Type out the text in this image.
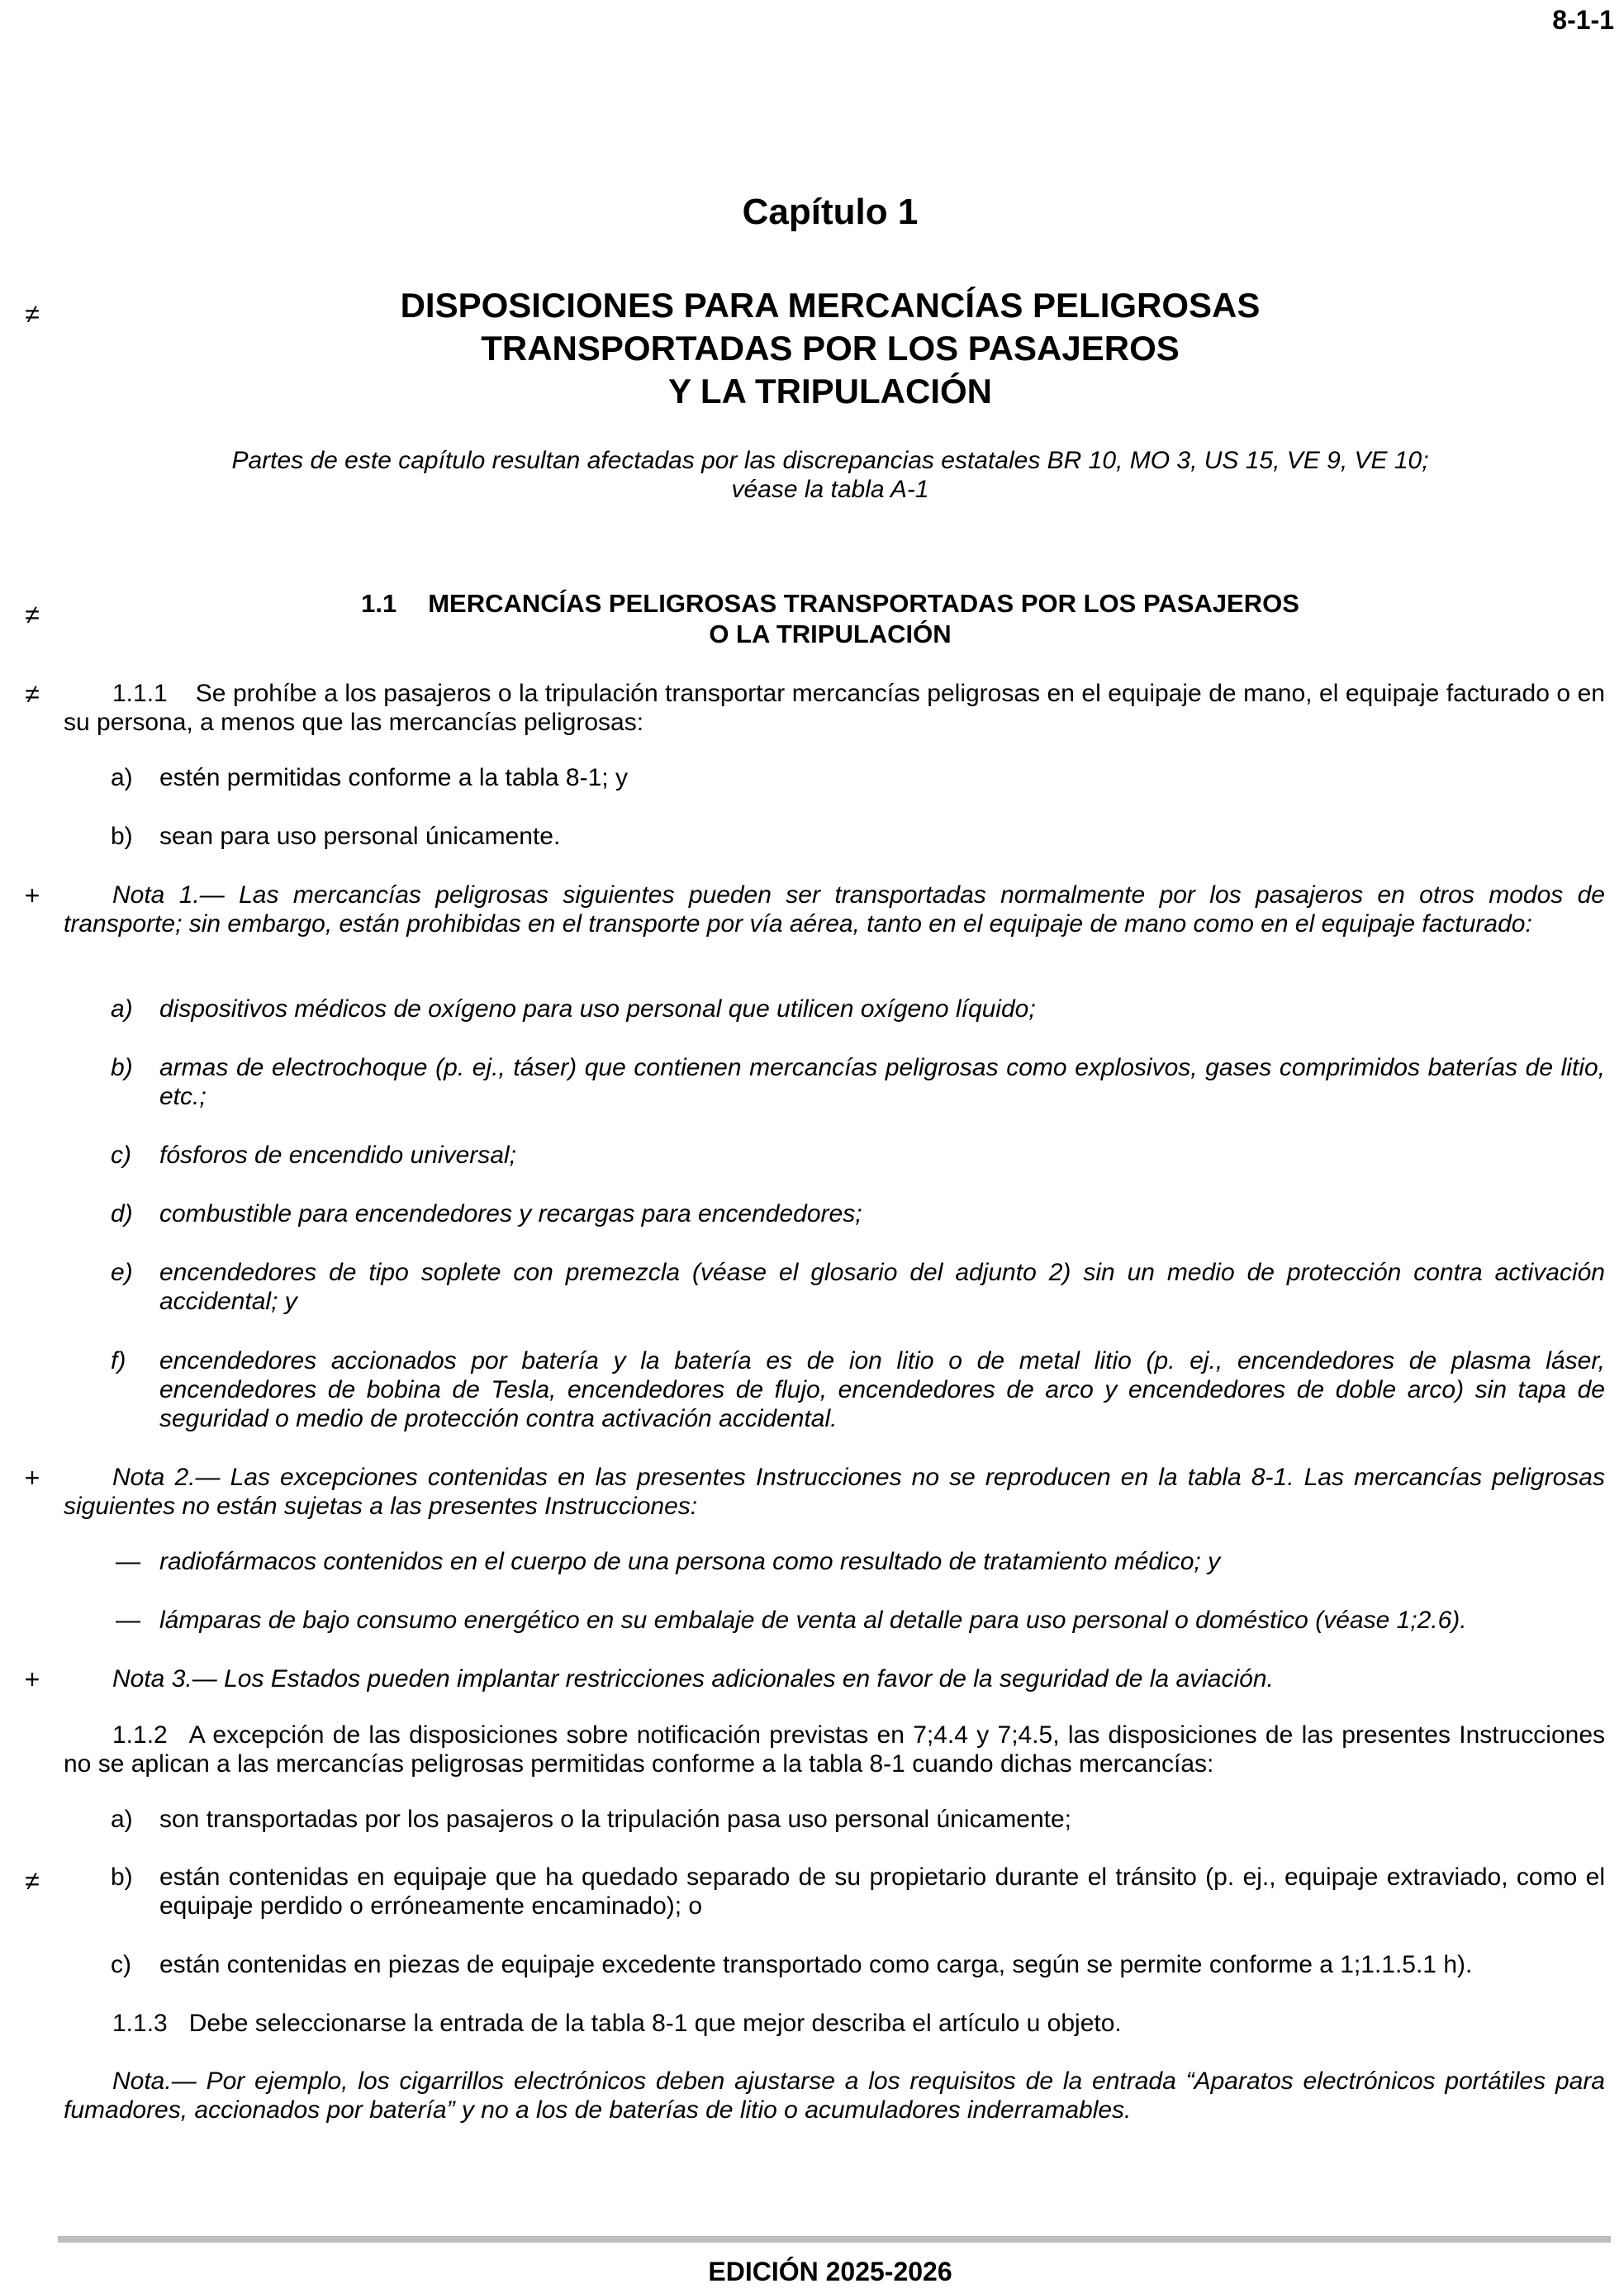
8-1-1
Capítulo 1
≠	DISPOSICIONES PARA MERCANCÍAS PELIGROSAS
TRANSPORTADAS POR LOS PASAJEROS
Y LA TRIPULACIÓN
Partes de este capítulo resultan afectadas por las discrepancias estatales BR 10, MO 3, US 15, VE 9, VE 10;
véase la tabla A-1
≠	1.1 MERCANCÍAS PELIGROSAS TRANSPORTADAS POR LOS PASAJEROS
O LA TRIPULACIÓN
≠	1.1.1 Se prohíbe a los pasajeros o la tripulación transportar mercancías peligrosas en el equipaje de mano, el equipaje facturado o en su persona, a menos que las mercancías peligrosas:
a)	estén permitidas conforme a la tabla 8-1; y
b)	sean para uso personal únicamente.
+	Nota 1.— Las mercancías peligrosas siguientes pueden ser transportadas normalmente por los pasajeros en otros modos de transporte; sin embargo, están prohibidas en el transporte por vía aérea, tanto en el equipaje de mano como en el equipaje facturado:
a)	dispositivos médicos de oxígeno para uso personal que utilicen oxígeno líquido;
b)	armas de electrochoque (p. ej., táser) que contienen mercancías peligrosas como explosivos, gases comprimidos baterías de litio, etc.;
c)	fósforos de encendido universal;
d)	combustible para encendedores y recargas para encendedores;
e)	encendedores de tipo soplete con premezcla (véase el glosario del adjunto 2) sin un medio de protección contra activación accidental; y
f)	encendedores accionados por batería y la batería es de ion litio o de metal litio (p. ej., encendedores de plasma láser, encendedores de bobina de Tesla, encendedores de flujo, encendedores de arco y encendedores de doble arco) sin tapa de seguridad o medio de protección contra activación accidental.
+	Nota 2.— Las excepciones contenidas en las presentes Instrucciones no se reproducen en la tabla 8-1. Las mercancías peligrosas siguientes no están sujetas a las presentes Instrucciones:
— radiofármacos contenidos en el cuerpo de una persona como resultado de tratamiento médico; y
— lámparas de bajo consumo energético en su embalaje de venta al detalle para uso personal o doméstico (véase 1;2.6).
+	Nota 3.— Los Estados pueden implantar restricciones adicionales en favor de la seguridad de la aviación.
1.1.2 A excepción de las disposiciones sobre notificación previstas en 7;4.4 y 7;4.5, las disposiciones de las presentes Instrucciones no se aplican a las mercancías peligrosas permitidas conforme a la tabla 8-1 cuando dichas mercancías:
a)	son transportadas por los pasajeros o la tripulación pasa uso personal únicamente;
≠	b)	están contenidas en equipaje que ha quedado separado de su propietario durante el tránsito (p. ej., equipaje extraviado, como el equipaje perdido o erróneamente encaminado); o
c)	están contenidas en piezas de equipaje excedente transportado como carga, según se permite conforme a 1;1.1.5.1 h).
1.1.3 Debe seleccionarse la entrada de la tabla 8-1 que mejor describa el artículo u objeto.
Nota.— Por ejemplo, los cigarrillos electrónicos deben ajustarse a los requisitos de la entrada “Aparatos electrónicos portátiles para fumadores, accionados por batería” y no a los de baterías de litio o acumuladores inderramables.
EDICIÓN 2025-2026
